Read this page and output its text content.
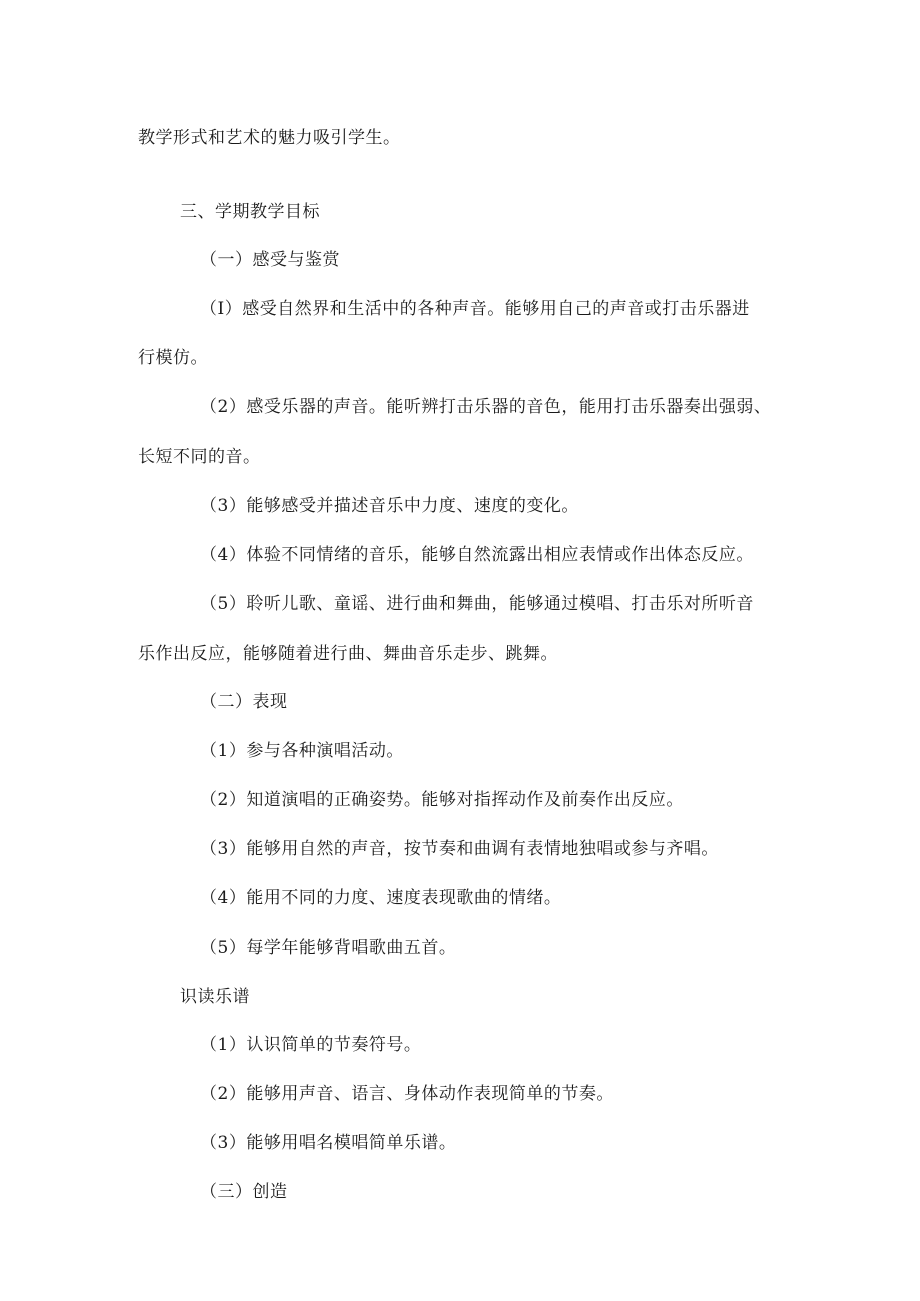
教学形式和艺术的魅力吸引学生。
三、学期教学目标
（一）感受与鉴赏
（I）感受自然界和生活中的各种声音。能够用自己的声音或打击乐器进
行模仿。
（2）感受乐器的声音。能听辨打击乐器的音色，能用打击乐器奏出强弱、
长短不同的音。
（3）能够感受并描述音乐中力度、速度的变化。
（4）体验不同情绪的音乐，能够自然流露出相应表情或作出体态反应。
（5）聆听儿歌、童谣、进行曲和舞曲，能够通过模唱、打击乐对所听音
乐作出反应，能够随着进行曲、舞曲音乐走步、跳舞。
（二）表现
（1）参与各种演唱活动。
（2）知道演唱的正确姿势。能够对指挥动作及前奏作出反应。
（3）能够用自然的声音，按节奏和曲调有表情地独唱或参与齐唱。
（4）能用不同的力度、速度表现歌曲的情绪。
（5）每学年能够背唱歌曲五首。
识读乐谱
（1）认识简单的节奏符号。
（2）能够用声音、语言、身体动作表现简单的节奏。
（3）能够用唱名模唱简单乐谱。
（三）创造
